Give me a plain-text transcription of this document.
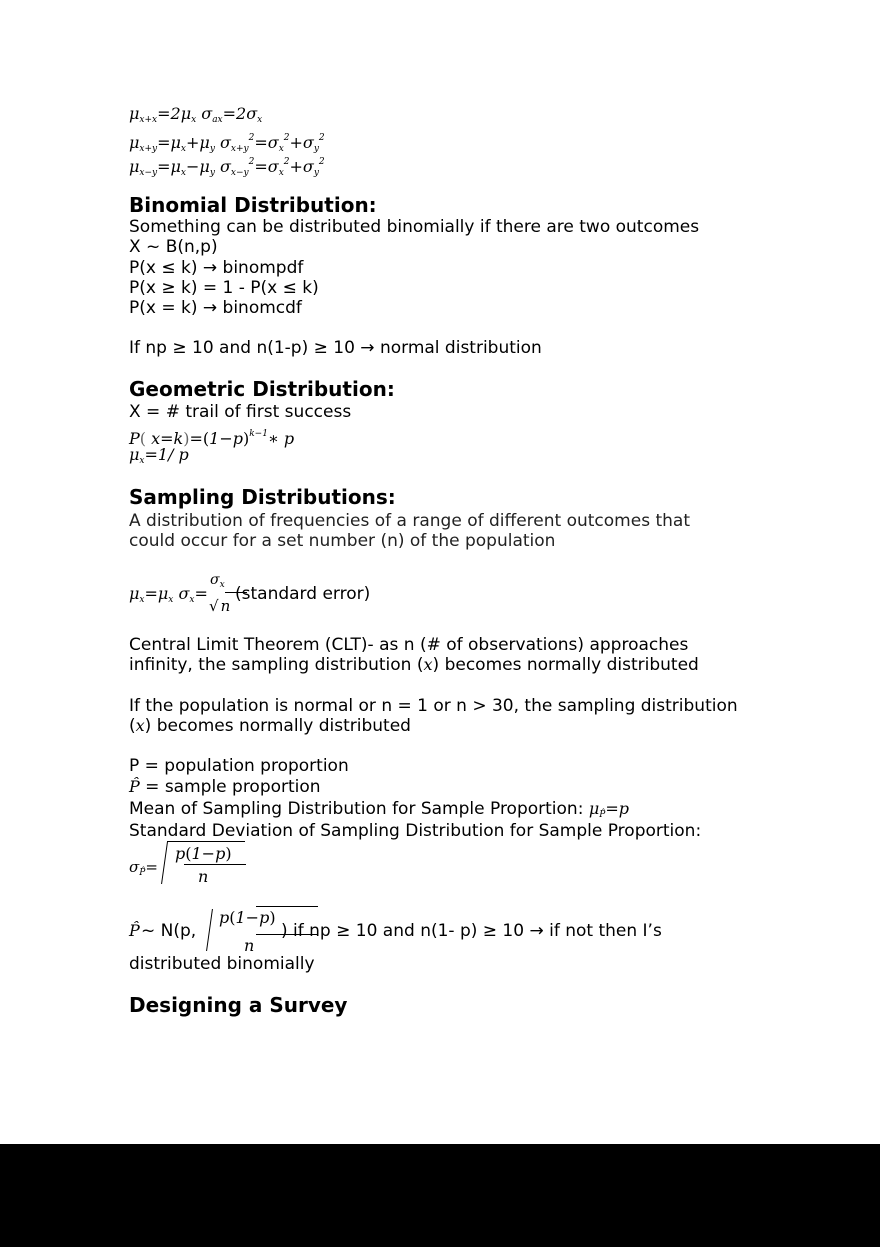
$\mu_{x+x}=2\mu_x$ $\sigma_{ax}=2\sigma_x$
$\mu_{x+y}=\mu_x+\mu_y$ $\sigma_{x+y}^2=\sigma_x^2+\sigma_y^2$
$\mu_{x-y}=\mu_x-\mu_y$ $\sigma_{x-y}^2=\sigma_x^2+\sigma_y^2$
Binomial Distribution:
Something can be distributed binomially if there are two outcomes
X ~ B(n,p)
P(x ≤ k) → binompdf
P(x ≥ k) = 1 - P(x ≤ k)
P(x = k) → binomcdf
If np ≥ 10 and n(1-p) ≥ 10 → normal distribution
Geometric Distribution:
X = # trail of first success
P( $x=k)=(1-p)^{k-1}∗$ p
$\mu_x=1/$ p
Sampling Distributions:
A distribution of frequencies of a range of different outcomes that
could occur for a set number (n) of the population
$\mu_x=\mu_x$ $\sigma_x=$
$\sigma_x$
√ n
(standard error)
Central Limit Theorem (CLT)- as n (# of observations) approaches
infinity, the sampling distribution (x) becomes normally distributed
If the population is normal or n = 1 or n > 30, the sampling distribution
(x) becomes normally distributed
P = population proportion
P̂ = sample proportion
Mean of Sampling Distribution for Sample Proportion: $\mu_{P̂}=p$
Standard Deviation of Sampling Distribution for Sample Proportion:
$\sigma_{P̂}=$
p(1−p)
n
P̂ ~ N(p,
p(1−p)
n
) if np ≥ 10 and n(1- p) ≥ 10 → if not then I’s
distributed binomially
Designing a Survey
